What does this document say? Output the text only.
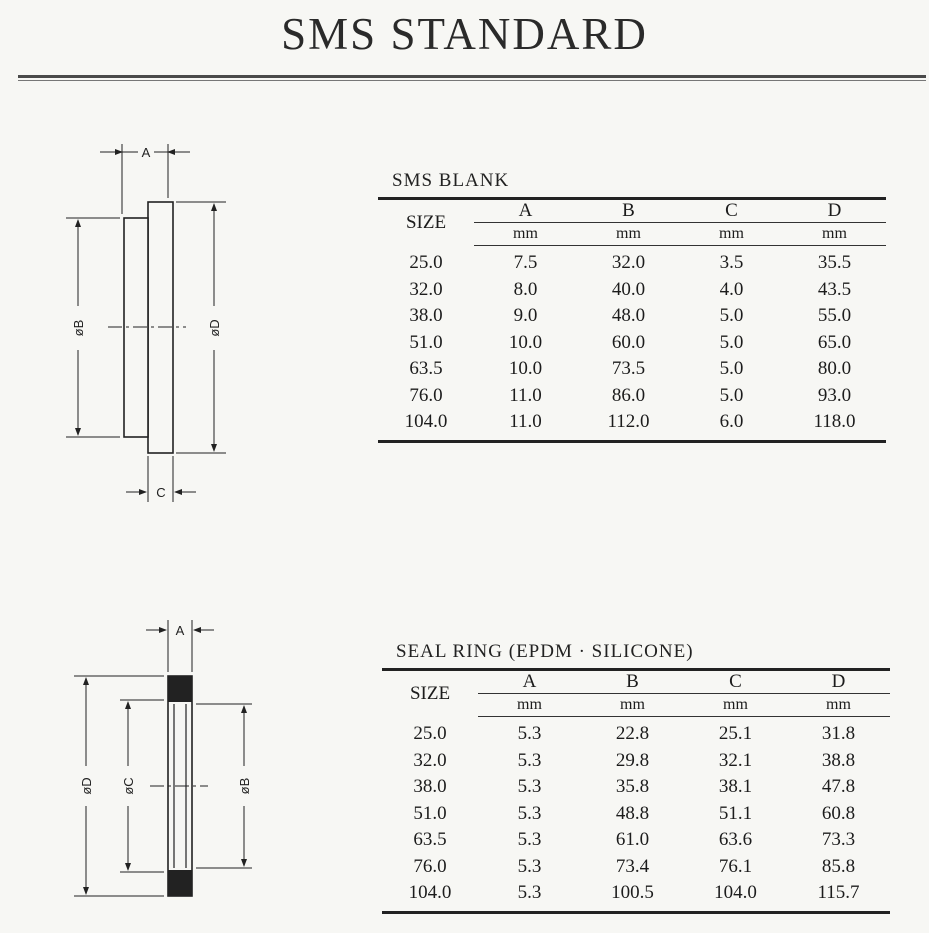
SMS STANDARD
A
C
øB	øD
A
øD øC	øB
SMS BLANK
SIZE	A	B	C	D
	mm	mm	mm	mm
25.0	7.5	32.0	3.5	35.5
32.0	8.0	40.0	4.0	43.5
38.0	9.0	48.0	5.0	55.0
51.0	10.0	60.0	5.0	65.0
63.5	10.0	73.5	5.0	80.0
76.0	11.0	86.0	5.0	93.0
104.0	11.0	112.0	6.0	118.0
SEAL RING (EPDM · SILICONE)
SIZE	A	B	C	D
	mm	mm	mm	mm
25.0	5.3	22.8	25.1	31.8
32.0	5.3	29.8	32.1	38.8
38.0	5.3	35.8	38.1	47.8
51.0	5.3	48.8	51.1	60.8
63.5	5.3	61.0	63.6	73.3
76.0	5.3	73.4	76.1	85.8
104.0	5.3	100.5	104.0	115.7
